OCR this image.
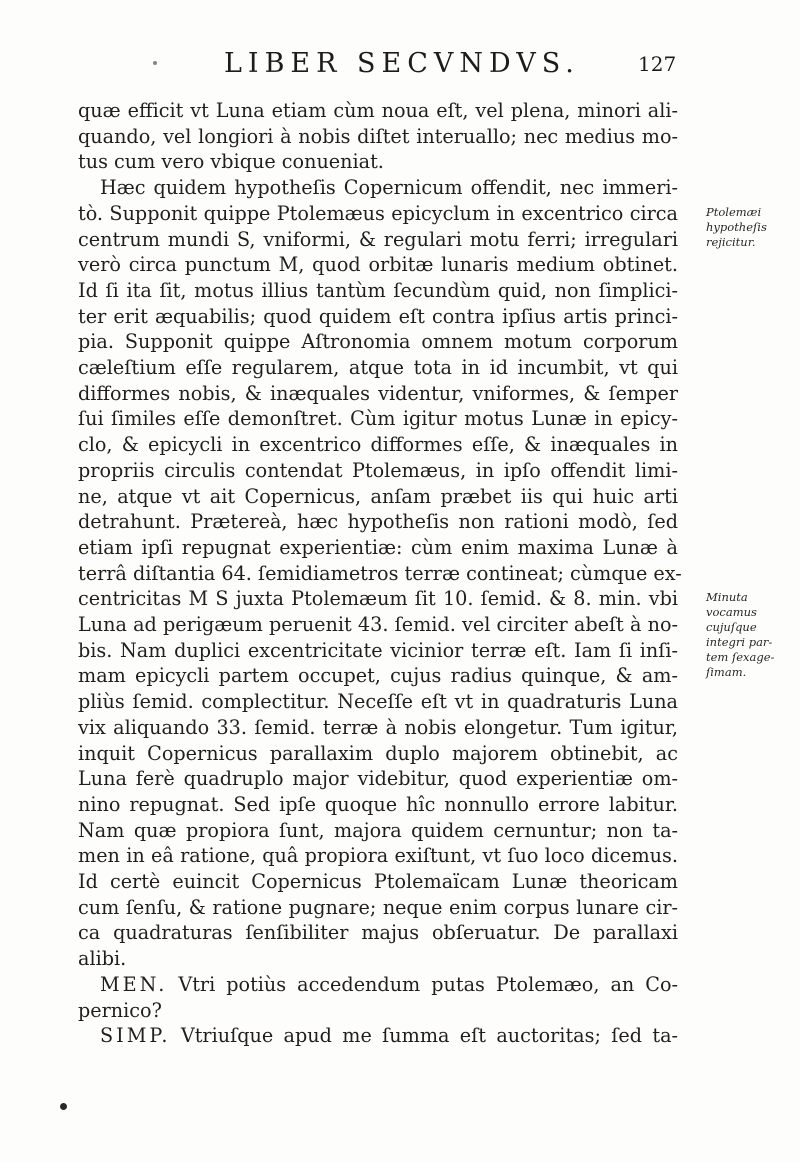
LIBER SECVNDVS.	127
quæ efficit vt Luna etiam cùm noua eſt, vel plena, minori ali-
quando, vel longiori à nobis diſtet interuallo; nec medius mo-
tus cum vero vbique conueniat.
Hæc quidem hypotheſis Copernicum offendit, nec immeri-
tò. Supponit quippe Ptolemæus epicyclum in excentrico circa
centrum mundi S, vniformi, & regulari motu ferri; irregulari
verò circa punctum M, quod orbitæ lunaris medium obtinet.
Id ſi ita ſit, motus illius tantùm ſecundùm quid, non ſimplici-
ter erit æquabilis; quod quidem eſt contra ipſius artis princi-
pia. Supponit quippe Aſtronomia omnem motum corporum
cæleſtium eſſe regularem, atque tota in id incumbit, vt qui
difformes nobis, & inæquales videntur, vniformes, & ſemper
ſui ſimiles eſſe demonſtret. Cùm igitur motus Lunæ in epicy-
clo, & epicycli in excentrico difformes eſſe, & inæquales in
propriis circulis contendat Ptolemæus, in ipſo offendit limi-
ne, atque vt ait Copernicus, anſam præbet iis qui huic arti
detrahunt. Prætereà, hæc hypotheſis non rationi modò, ſed
etiam ipſi repugnat experientiæ: cùm enim maxima Lunæ à
terrâ diſtantia 64. ſemidiametros terræ contineat; cùmque ex-
centricitas M S juxta Ptolemæum ſit 10. ſemid. & 8. min. vbi
Luna ad perigæum peruenit 43. ſemid. vel circiter abeſt à no-
bis. Nam duplici excentricitate vicinior terræ eſt. Iam ſi inſi-
mam epicycli partem occupet, cujus radius quinque, & am-
pliùs ſemid. complectitur. Neceſſe eſt vt in quadraturis Luna
vix aliquando 33. ſemid. terræ à nobis elongetur. Tum igitur,
inquit Copernicus parallaxim duplo majorem obtinebit, ac
Luna ferè quadruplo major videbitur, quod experientiæ om-
nino repugnat. Sed ipſe quoque hîc nonnullo errore labitur.
Nam quæ propiora ſunt, majora quidem cernuntur; non ta-
men in eâ ratione, quâ propiora exiſtunt, vt ſuo loco dicemus.
Id certè euincit Copernicus Ptolemaïcam Lunæ theoricam
cum ſenſu, & ratione pugnare; neque enim corpus lunare cir-
ca quadraturas ſenſibiliter majus obſeruatur. De parallaxi
alibi.
MEN. Vtri potiùs accedendum putas Ptolemæo, an Co-
pernico?
SIMP. Vtriuſque apud me ſumma eſt auctoritas; ſed ta-
Ptolemæi
hypotheſis
rejicitur.
Minuta
vocamus
cujuſque
integri par-
tem ſexage-
ſimam.
